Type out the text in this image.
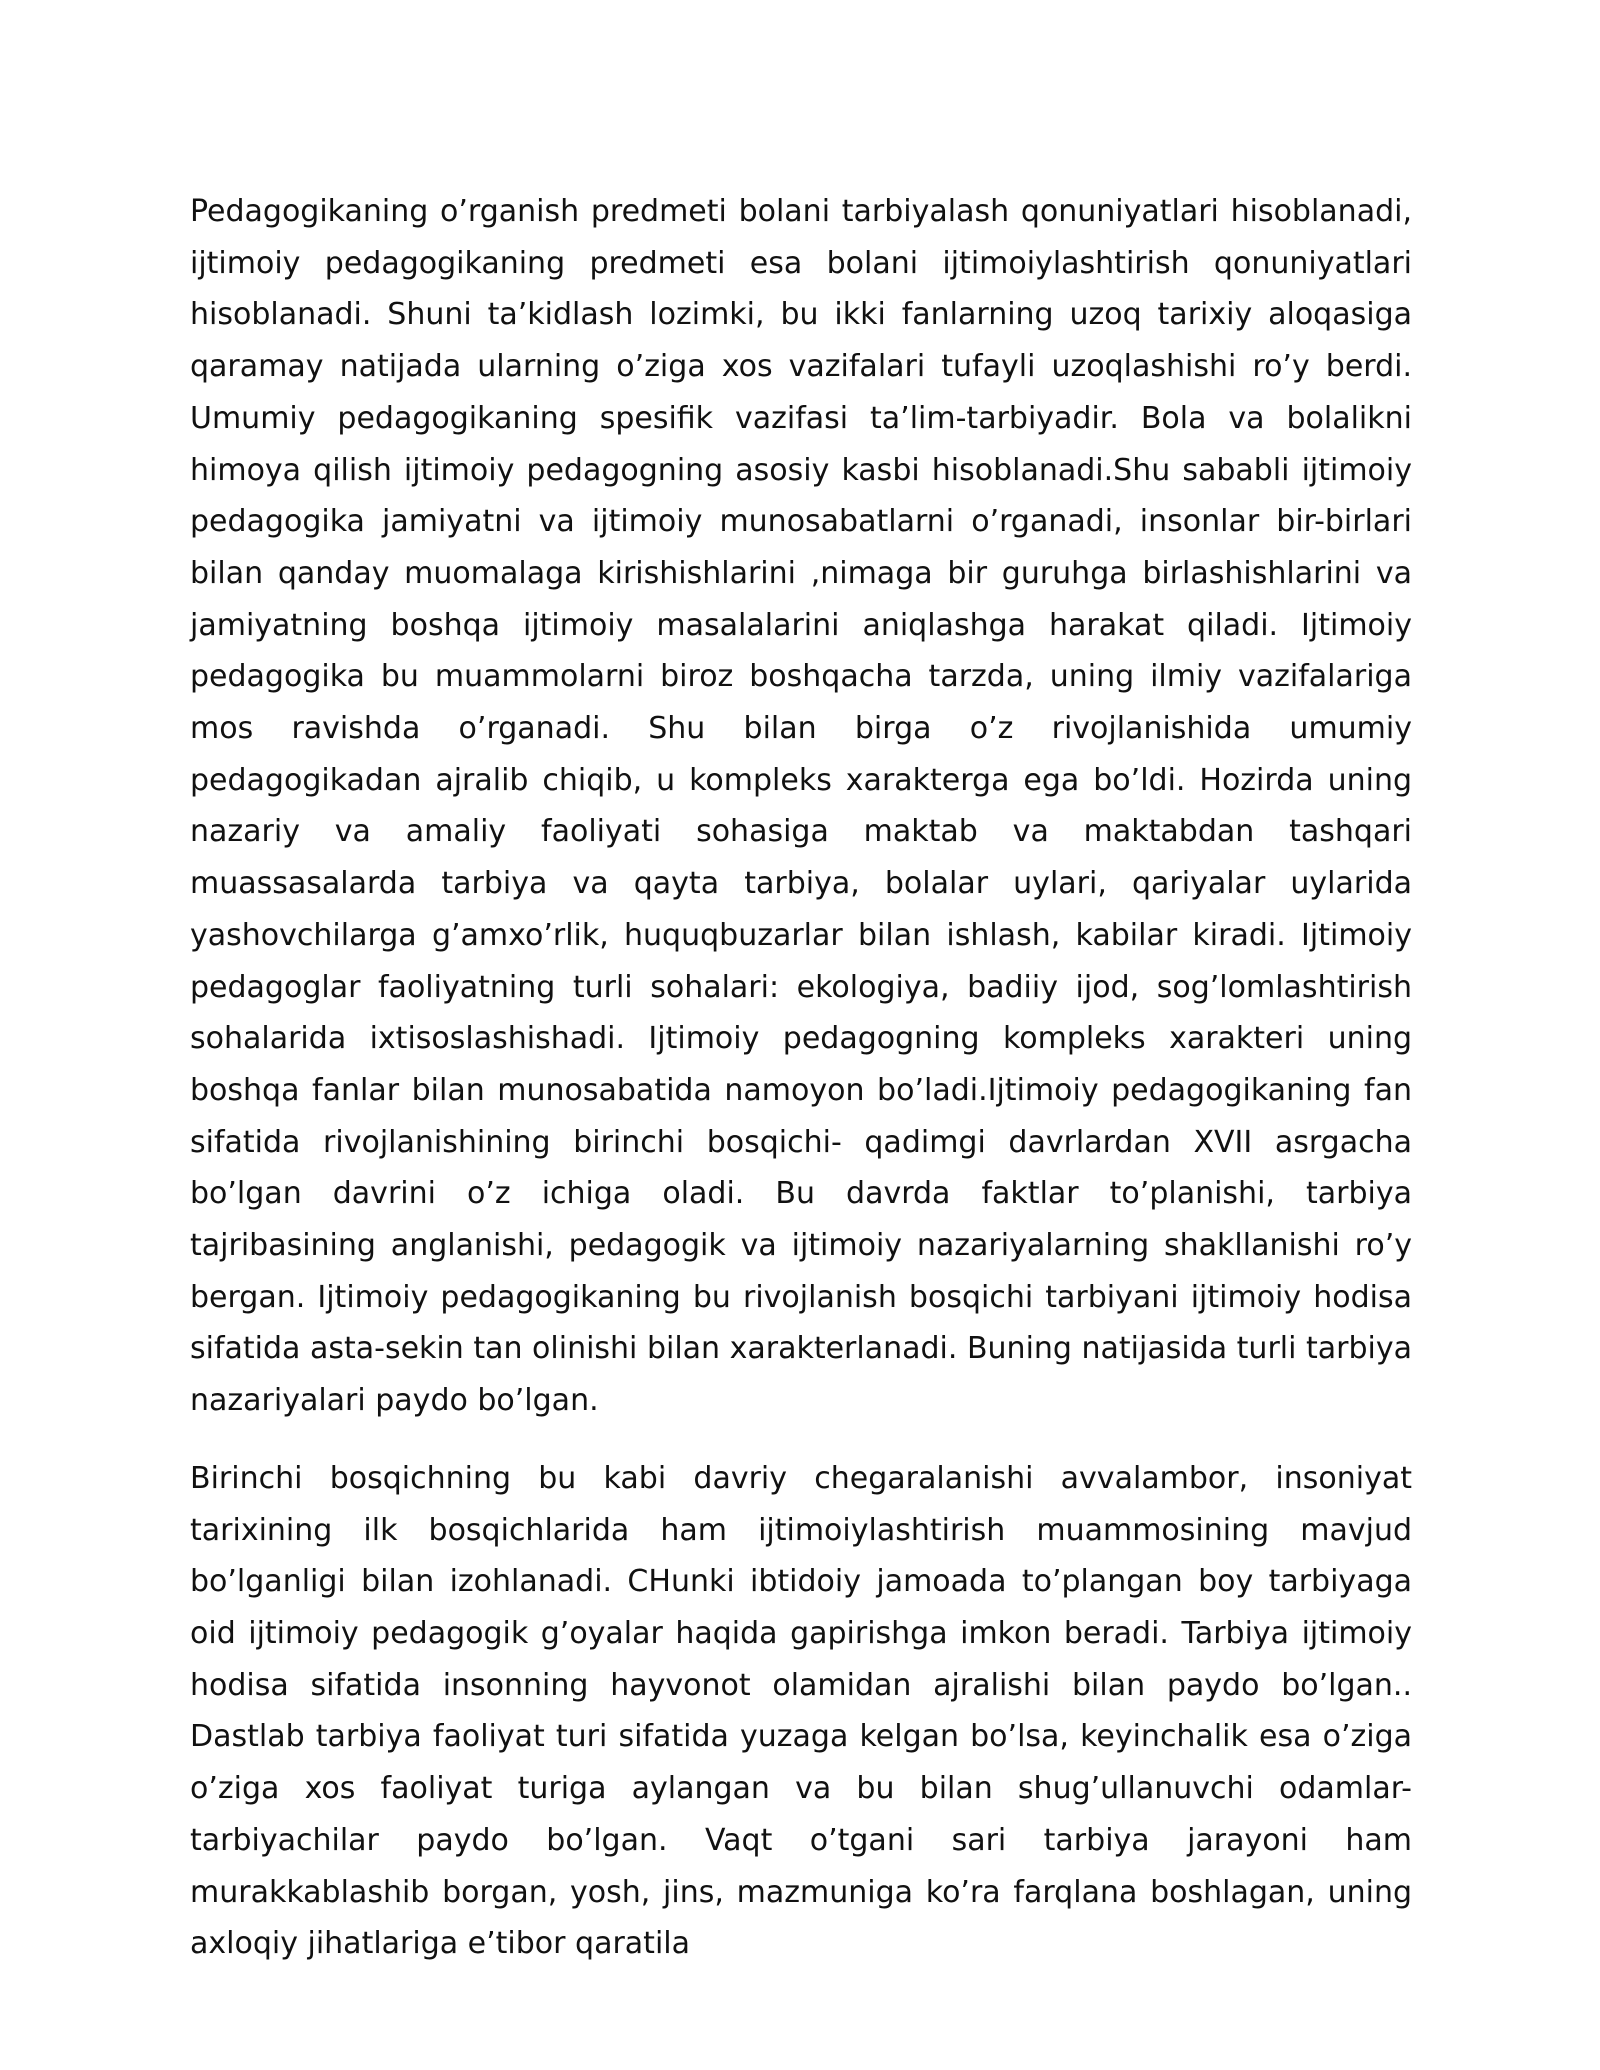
Pedagogikaning o’rganish predmeti bolani tarbiyalash qonuniyatlari hisoblanadi, ijtimoiy pedagogikaning predmeti esa bolani ijtimoiylashtirish qonuniyatlari hisoblanadi. Shuni ta’kidlash lozimki, bu ikki fanlarning uzoq tarixiy aloqasiga qaramay natijada ularning o’ziga xos vazifalari tufayli uzoqlashishi ro’y berdi. Umumiy pedagogikaning spesifik vazifasi ta’lim-tarbiyadir. Bola va bolalikni himoya qilish ijtimoiy pedagogning asosiy kasbi hisoblanadi.Shu sababli ijtimoiy pedagogika jamiyatni va ijtimoiy munosabatlarni o’rganadi, insonlar bir-birlari bilan qanday muomalaga kirishishlarini ,nimaga bir guruhga birlashishlarini va jamiyatning boshqa ijtimoiy masalalarini aniqlashga harakat qiladi. Ijtimoiy pedagogika bu muammolarni biroz boshqacha tarzda, uning ilmiy vazifalariga mos ravishda o’rganadi. Shu bilan birga o’z rivojlanishida umumiy pedagogikadan ajralib chiqib, u kompleks xarakterga ega bo’ldi. Hozirda uning nazariy va amaliy faoliyati sohasiga maktab va maktabdan tashqari muassasalarda tarbiya va qayta tarbiya, bolalar uylari, qariyalar uylarida yashovchilarga g’amxo’rlik, huquqbuzarlar bilan ishlash, kabilar kiradi. Ijtimoiy pedagoglar faoliyatning turli sohalari: ekologiya, badiiy ijod, sog’lomlashtirish sohalarida ixtisoslashishadi. Ijtimoiy pedagogning kompleks xarakteri uning boshqa fanlar bilan munosabatida namoyon bo’ladi.Ijtimoiy pedagogikaning fan sifatida rivojlanishining birinchi bosqichi- qadimgi davrlardan XVII asrgacha bo’lgan davrini o’z ichiga oladi. Bu davrda faktlar to’planishi, tarbiya tajribasining anglanishi, pedagogik va ijtimoiy nazariyalarning shakllanishi ro’y bergan. Ijtimoiy pedagogikaning bu rivojlanish bosqichi tarbiyani ijtimoiy hodisa sifatida asta-sekin tan olinishi bilan xarakterlanadi. Buning natijasida turli tarbiya nazariyalari paydo bo’lgan.

Birinchi bosqichning bu kabi davriy chegaralanishi avvalambor, insoniyat tarixining ilk bosqichlarida ham ijtimoiylashtirish muammosining mavjud bo’lganligi bilan izohlanadi. CHunki ibtidoiy jamoada to’plangan boy tarbiyaga oid ijtimoiy pedagogik g’oyalar haqida gapirishga imkon beradi. Tarbiya ijtimoiy hodisa sifatida insonning hayvonot olamidan ajralishi bilan paydo bo’lgan.. Dastlab tarbiya faoliyat turi sifatida yuzaga kelgan bo’lsa, keyinchalik esa o’ziga o’ziga xos faoliyat turiga aylangan va bu bilan shug’ullanuvchi odamlar-tarbiyachilar paydo bo’lgan. Vaqt o’tgani sari tarbiya jarayoni ham murakkablashib borgan, yosh, jins, mazmuniga ko’ra farqlana boshlagan, uning axloqiy jihatlariga e’tibor qaratila
